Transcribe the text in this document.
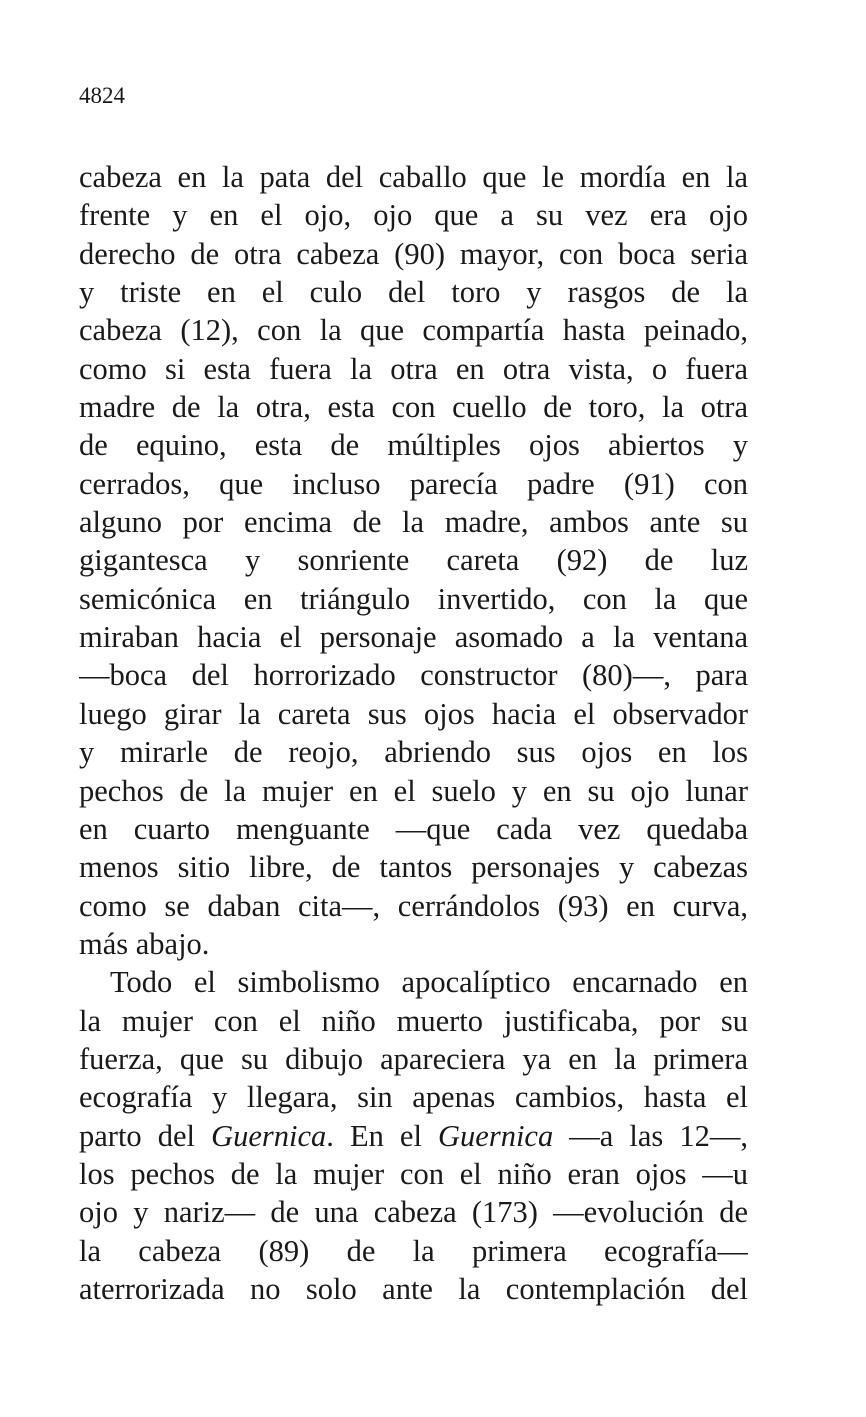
4824
cabeza en la pata del caballo que le mordía en la
frente y en el ojo, ojo que a su vez era ojo
derecho de otra cabeza (90) mayor, con boca seria
y triste en el culo del toro y rasgos de la
cabeza (12), con la que compartía hasta peinado,
como si esta fuera la otra en otra vista, o fuera
madre de la otra, esta con cuello de toro, la otra
de equino, esta de múltiples ojos abiertos y
cerrados, que incluso parecía padre (91) con
alguno por encima de la madre, ambos ante su
gigantesca y sonriente careta (92) de luz
semicónica en triángulo invertido, con la que
miraban hacia el personaje asomado a la ventana
—boca del horrorizado constructor (80)—, para
luego girar la careta sus ojos hacia el observador
y mirarle de reojo, abriendo sus ojos en los
pechos de la mujer en el suelo y en su ojo lunar
en cuarto menguante —que cada vez quedaba
menos sitio libre, de tantos personajes y cabezas
como se daban cita—, cerrándolos (93) en curva,
más abajo.
Todo el simbolismo apocalíptico encarnado en
la mujer con el niño muerto justificaba, por su
fuerza, que su dibujo apareciera ya en la primera
ecografía y llegara, sin apenas cambios, hasta el
parto del Guernica. En el Guernica —a las 12—,
los pechos de la mujer con el niño eran ojos —u
ojo y nariz— de una cabeza (173) —evolución de
la cabeza (89) de la primera ecografía—
aterrorizada no solo ante la contemplación del
